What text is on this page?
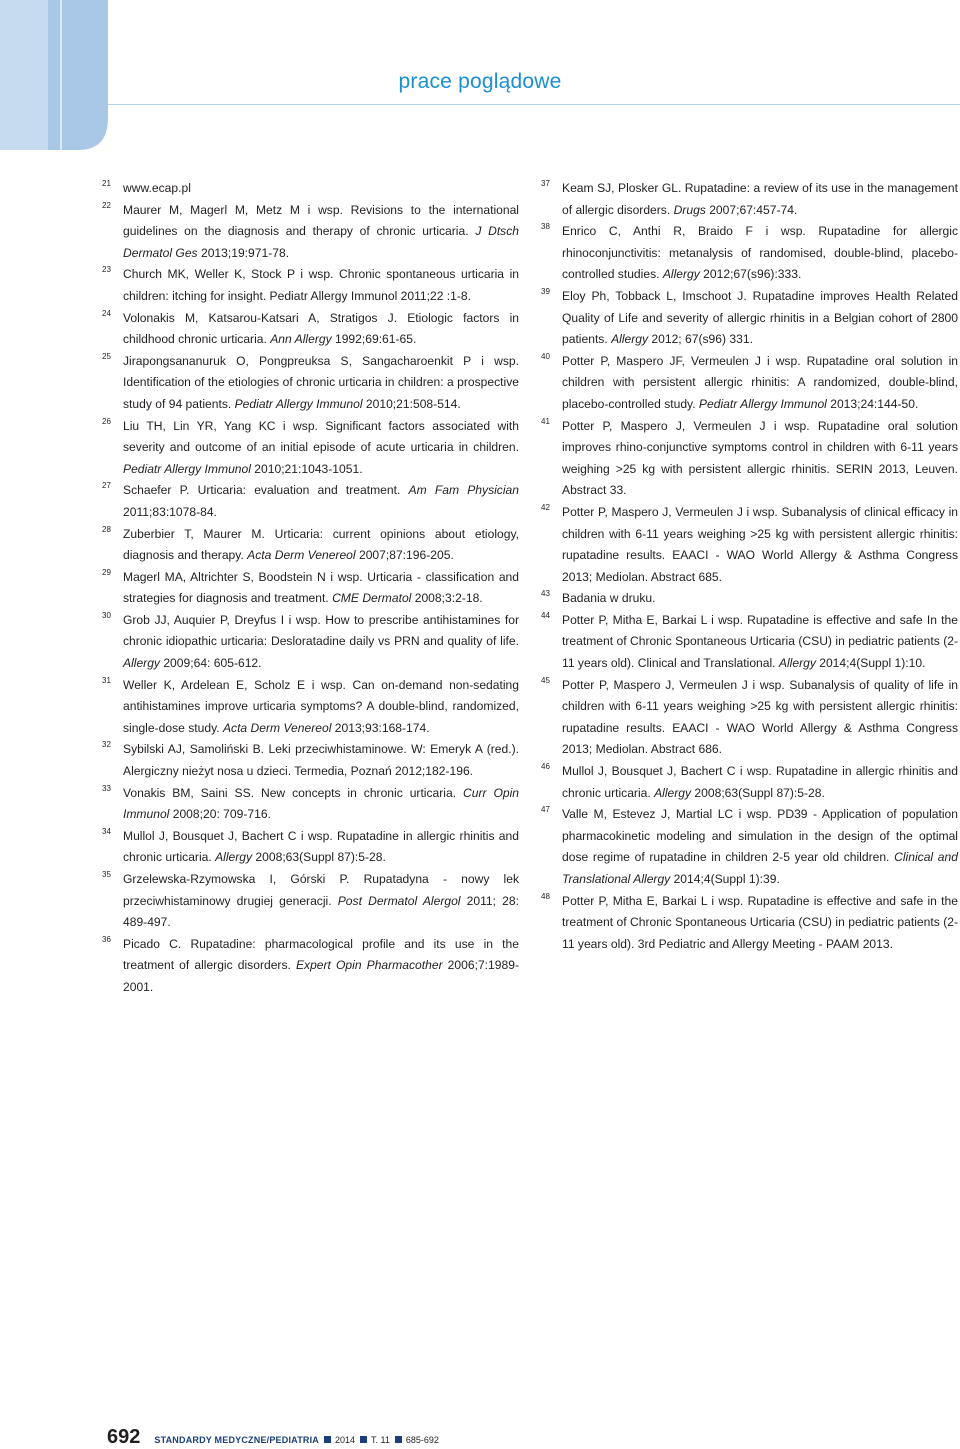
prace poglądowe
21 www.ecap.pl
22 Maurer M, Magerl M, Metz M i wsp. Revisions to the international guidelines on the diagnosis and therapy of chronic urticaria. J Dtsch Dermatol Ges 2013;19:971-78.
23 Church MK, Weller K, Stock P i wsp. Chronic spontaneous urticaria in children: itching for insight. Pediatr Allergy Immunol 2011;22 :1-8.
24 Volonakis M, Katsarou-Katsari A, Stratigos J. Etiologic factors in childhood chronic urticaria. Ann Allergy 1992;69:61-65.
25 Jirapongsananuruk O, Pongpreuksa S, Sangacharoenkit P i wsp. Identification of the etiologies of chronic urticaria in children: a prospective study of 94 patients. Pediatr Allergy Immunol 2010;21:508-514.
26 Liu TH, Lin YR, Yang KC i wsp. Significant factors associated with severity and outcome of an initial episode of acute urticaria in children. Pediatr Allergy Immunol 2010;21:1043-1051.
27 Schaefer P. Urticaria: evaluation and treatment. Am Fam Physician 2011;83:1078-84.
28 Zuberbier T, Maurer M. Urticaria: current opinions about etiology, diagnosis and therapy. Acta Derm Venereol 2007;87:196-205.
29 Magerl MA, Altrichter S, Boodstein N i wsp. Urticaria - classification and strategies for diagnosis and treatment. CME Dermatol 2008;3:2-18.
30 Grob JJ, Auquier P, Dreyfus I i wsp. How to prescribe antihistamines for chronic idiopathic urticaria: Desloratadine daily vs PRN and quality of life. Allergy 2009;64: 605-612.
31 Weller K, Ardelean E, Scholz E i wsp. Can on-demand non-sedating antihistamines improve urticaria symptoms? A double-blind, randomized, single-dose study. Acta Derm Venereol 2013;93:168-174.
32 Sybilski AJ, Samoliński B. Leki przeciwhistaminowe. W: Emeryk A (red.). Alergiczny nieżyt nosa u dzieci. Termedia, Poznań 2012;182-196.
33 Vonakis BM, Saini SS. New concepts in chronic urticaria. Curr Opin Immunol 2008;20: 709-716.
34 Mullol J, Bousquet J, Bachert C i wsp. Rupatadine in allergic rhinitis and chronic urticaria. Allergy 2008;63(Suppl 87):5-28.
35 Grzelewska-Rzymowska I, Górski P. Rupatadyna - nowy lek przeciwhistaminowy drugiej generacji. Post Dermatol Alergol 2011; 28: 489-497.
36 Picado C. Rupatadine: pharmacological profile and its use in the treatment of allergic disorders. Expert Opin Pharmacother 2006;7:1989-2001.
37 Keam SJ, Plosker GL. Rupatadine: a review of its use in the management of allergic disorders. Drugs 2007;67:457-74.
38 Enrico C, Anthi R, Braido F i wsp. Rupatadine for allergic rhinoconjunctivitis: metanalysis of randomised, double-blind, placebo-controlled studies. Allergy 2012;67(s96):333.
39 Eloy Ph, Tobback L, Imschoot J. Rupatadine improves Health Related Quality of Life and severity of allergic rhinitis in a Belgian cohort of 2800 patients. Allergy 2012; 67(s96) 331.
40 Potter P, Maspero JF, Vermeulen J i wsp. Rupatadine oral solution in children with persistent allergic rhinitis: A randomized, double-blind, placebo-controlled study. Pediatr Allergy Immunol 2013;24:144-50.
41 Potter P, Maspero J, Vermeulen J i wsp. Rupatadine oral solution improves rhino-conjunctive symptoms control in children with 6-11 years weighing >25 kg with persistent allergic rhinitis. SERIN 2013, Leuven. Abstract 33.
42 Potter P, Maspero J, Vermeulen J i wsp. Subanalysis of clinical efficacy in children with 6-11 years weighing >25 kg with persistent allergic rhinitis: rupatadine results. EAACI - WAO World Allergy & Asthma Congress 2013; Mediolan. Abstract 685.
43 Badania w druku.
44 Potter P, Mitha E, Barkai L i wsp. Rupatadine is effective and safe In the treatment of Chronic Spontaneous Urticaria (CSU) in pediatric patients (2-11 years old). Clinical and Translational. Allergy 2014;4(Suppl 1):10.
45 Potter P, Maspero J, Vermeulen J i wsp. Subanalysis of quality of life in children with 6-11 years weighing >25 kg with persistent allergic rhinitis: rupatadine results. EAACI - WAO World Allergy & Asthma Congress 2013; Mediolan. Abstract 686.
46 Mullol J, Bousquet J, Bachert C i wsp. Rupatadine in allergic rhinitis and chronic urticaria. Allergy 2008;63(Suppl 87):5-28.
47 Valle M, Estevez J, Martial LC i wsp. PD39 - Application of population pharmacokinetic modeling and simulation in the design of the optimal dose regime of rupatadine in children 2-5 year old children. Clinical and Translational Allergy 2014;4(Suppl 1):39.
48 Potter P, Mitha E, Barkai L i wsp. Rupatadine is effective and safe in the treatment of Chronic Spontaneous Urticaria (CSU) in pediatric patients (2-11 years old). 3rd Pediatric and Allergy Meeting - PAAM 2013.
692 STANDARDY MEDYCZNE/PEDIATRIA 2014 T. 11 685-692
